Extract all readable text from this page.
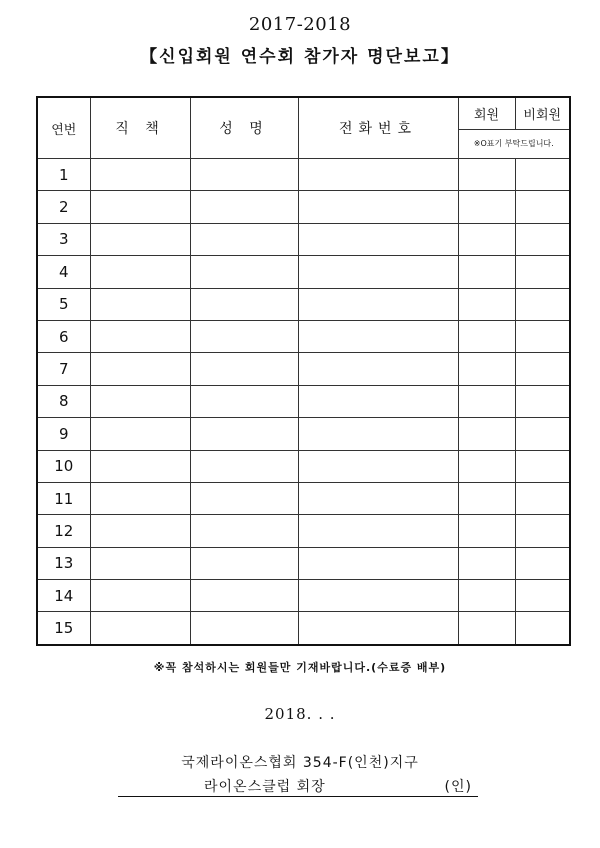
2017-2018
【신입회원 연수회 참가자 명단보고】
연번	직 책	성 명	전화번호	회원	비회원
				※O표기 부탁드립니다.	
1					
2					
3					
4					
5					
6					
7					
8					
9					
10					
11					
12					
13					
14					
15					
※꼭 참석하시는 회원들만 기재바랍니다.(수료증 배부)
2018. . .
국제라이온스협회 354-F(인천)지구
라이온스클럽 회장	(인)
